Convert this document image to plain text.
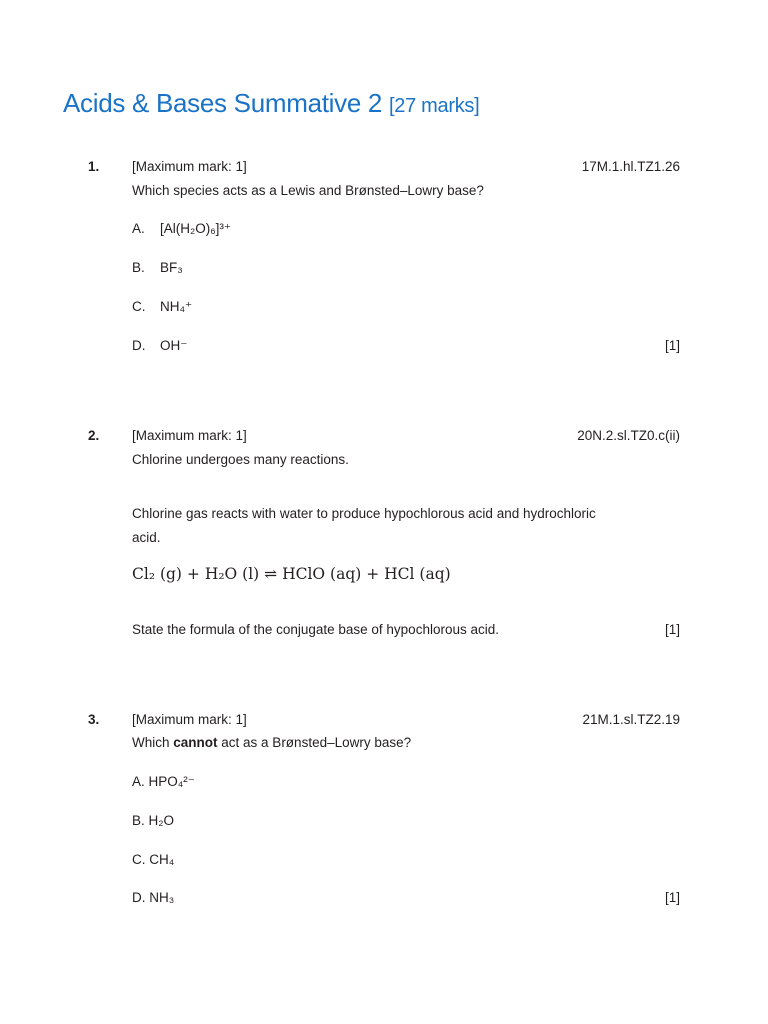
Acids & Bases Summative 2 [27 marks]
1. [Maximum mark: 1]	17M.1.hl.TZ1.26
Which species acts as a Lewis and Brønsted–Lowry base?
A. [Al(H₂O)₆]³⁺
B. BF₃
C. NH₄⁺
D. OH⁻	[1]
2. [Maximum mark: 1]	20N.2.sl.TZ0.c(ii)
Chlorine undergoes many reactions.
Chlorine gas reacts with water to produce hypochlorous acid and hydrochloric
acid.
Cl₂ (g) + H₂O (l) ⇌ HClO (aq) + HCl (aq)
State the formula of the conjugate base of hypochlorous acid.	[1]
3. [Maximum mark: 1]	21M.1.sl.TZ2.19
Which cannot act as a Brønsted–Lowry base?
A. HPO₄²⁻
B. H₂O
C. CH₄
D. NH₃	[1]
